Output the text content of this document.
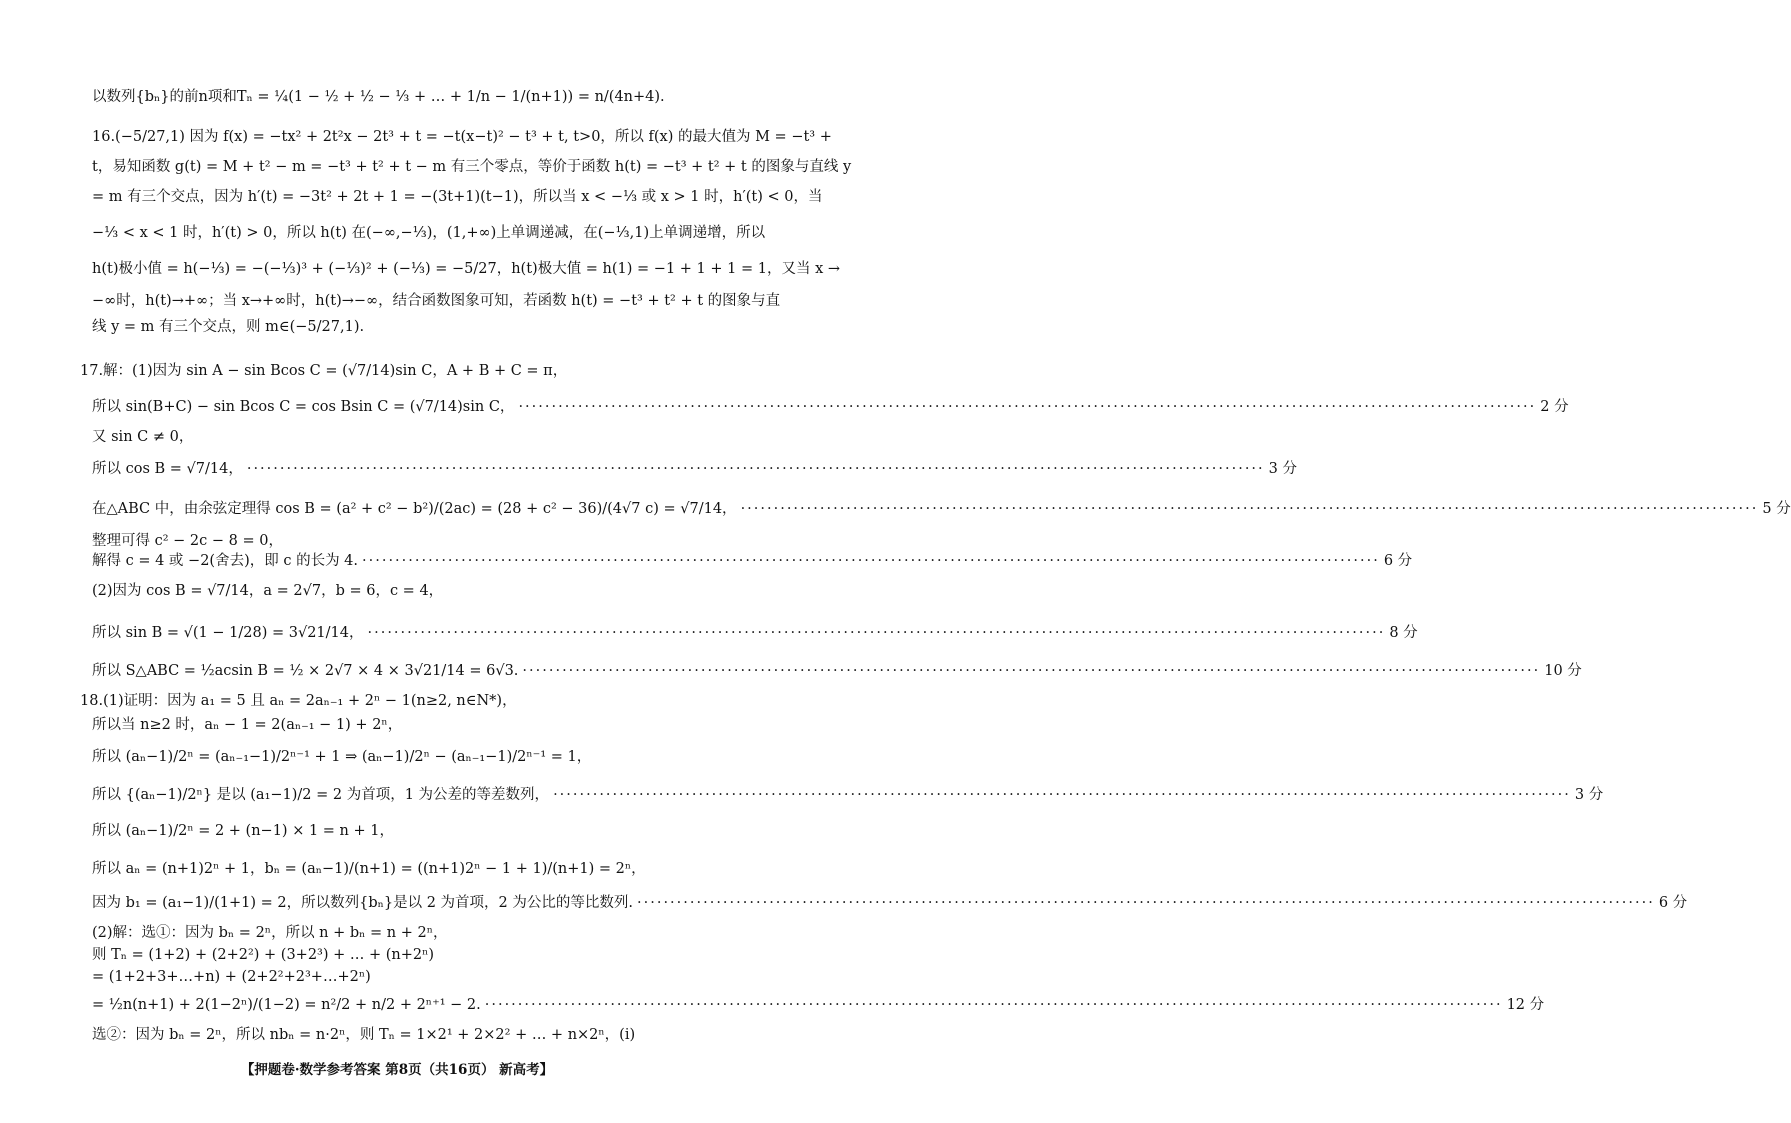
以数列{bₙ}的前n项和Tₙ = ¼(1 − ½ + ½ − ⅓ + … + 1/n − 1/(n+1)) = n/(4n+4).
16.(−5/27,1) 因为 f(x) = −tx² + 2t²x − 2t³ + t = −t(x−t)² − t³ + t, t>0，所以 f(x) 的最大值为 M = −t³ +
t，易知函数 g(t) = M + t² − m = −t³ + t² + t − m 有三个零点，等价于函数 h(t) = −t³ + t² + t 的图象与直线 y
= m 有三个交点，因为 h′(t) = −3t² + 2t + 1 = −(3t+1)(t−1)，所以当 x < −⅓ 或 x > 1 时，h′(t) < 0，当
−⅓ < x < 1 时，h′(t) > 0，所以 h(t) 在(−∞,−⅓)，(1,+∞)上单调递减，在(−⅓,1)上单调递增，所以
h(t)极小值 = h(−⅓) = −(−⅓)³ + (−⅓)² + (−⅓) = −5/27，h(t)极大值 = h(1) = −1 + 1 + 1 = 1，又当 x →
−∞时，h(t)→+∞；当 x→+∞时，h(t)→−∞，结合函数图象可知，若函数 h(t) = −t³ + t² + t 的图象与直
线 y = m 有三个交点，则 m∈(−5/27,1).
17.解：(1)因为 sin A − sin Bcos C = (√7/14)sin C，A + B + C = π，
所以 sin(B+C) − sin Bcos C = cos Bsin C = (√7/14)sin C， ·····	2 分
又 sin C ≠ 0，
所以 cos B = √7/14， ·····	3 分
在△ABC 中，由余弦定理得 cos B = (a² + c² − b²)/(2ac) = (28 + c² − 36)/(4√7 c) = √7/14， ·····	5 分
整理可得 c² − 2c − 8 = 0，
解得 c = 4 或 −2(舍去)，即 c 的长为 4. ·····	6 分
(2)因为 cos B = √7/14，a = 2√7，b = 6，c = 4，
所以 sin B = √(1 − 1/28) = 3√21/14， ·····	8 分
所以 S△ABC = ½acsin B = ½ × 2√7 × 4 × 3√21/14 = 6√3. ·····	10 分
18.(1)证明：因为 a₁ = 5 且 aₙ = 2aₙ₋₁ + 2ⁿ − 1(n≥2, n∈N*)，
所以当 n≥2 时，aₙ − 1 = 2(aₙ₋₁ − 1) + 2ⁿ，
所以 (aₙ−1)/2ⁿ = (aₙ₋₁−1)/2ⁿ⁻¹ + 1 ⇒ (aₙ−1)/2ⁿ − (aₙ₋₁−1)/2ⁿ⁻¹ = 1，
所以 {(aₙ−1)/2ⁿ} 是以 (a₁−1)/2 = 2 为首项，1 为公差的等差数列， ·····	3 分
所以 (aₙ−1)/2ⁿ = 2 + (n−1) × 1 = n + 1，
所以 aₙ = (n+1)2ⁿ + 1，bₙ = (aₙ−1)/(n+1) = ((n+1)2ⁿ − 1 + 1)/(n+1) = 2ⁿ，
因为 b₁ = (a₁−1)/(1+1) = 2，所以数列{bₙ}是以 2 为首项，2 为公比的等比数列. ·····	6 分
(2)解：选①：因为 bₙ = 2ⁿ，所以 n + bₙ = n + 2ⁿ，
则 Tₙ = (1+2) + (2+2²) + (3+2³) + … + (n+2ⁿ)
= (1+2+3+…+n) + (2+2²+2³+…+2ⁿ)
= ½n(n+1) + 2(1−2ⁿ)/(1−2) = n²/2 + n/2 + 2ⁿ⁺¹ − 2. ·····	12 分
选②：因为 bₙ = 2ⁿ，所以 nbₙ = n·2ⁿ，则 Tₙ = 1×2¹ + 2×2² + … + n×2ⁿ，(ⅰ)
【押题卷·数学参考答案 第8页（共16页） 新高考】
